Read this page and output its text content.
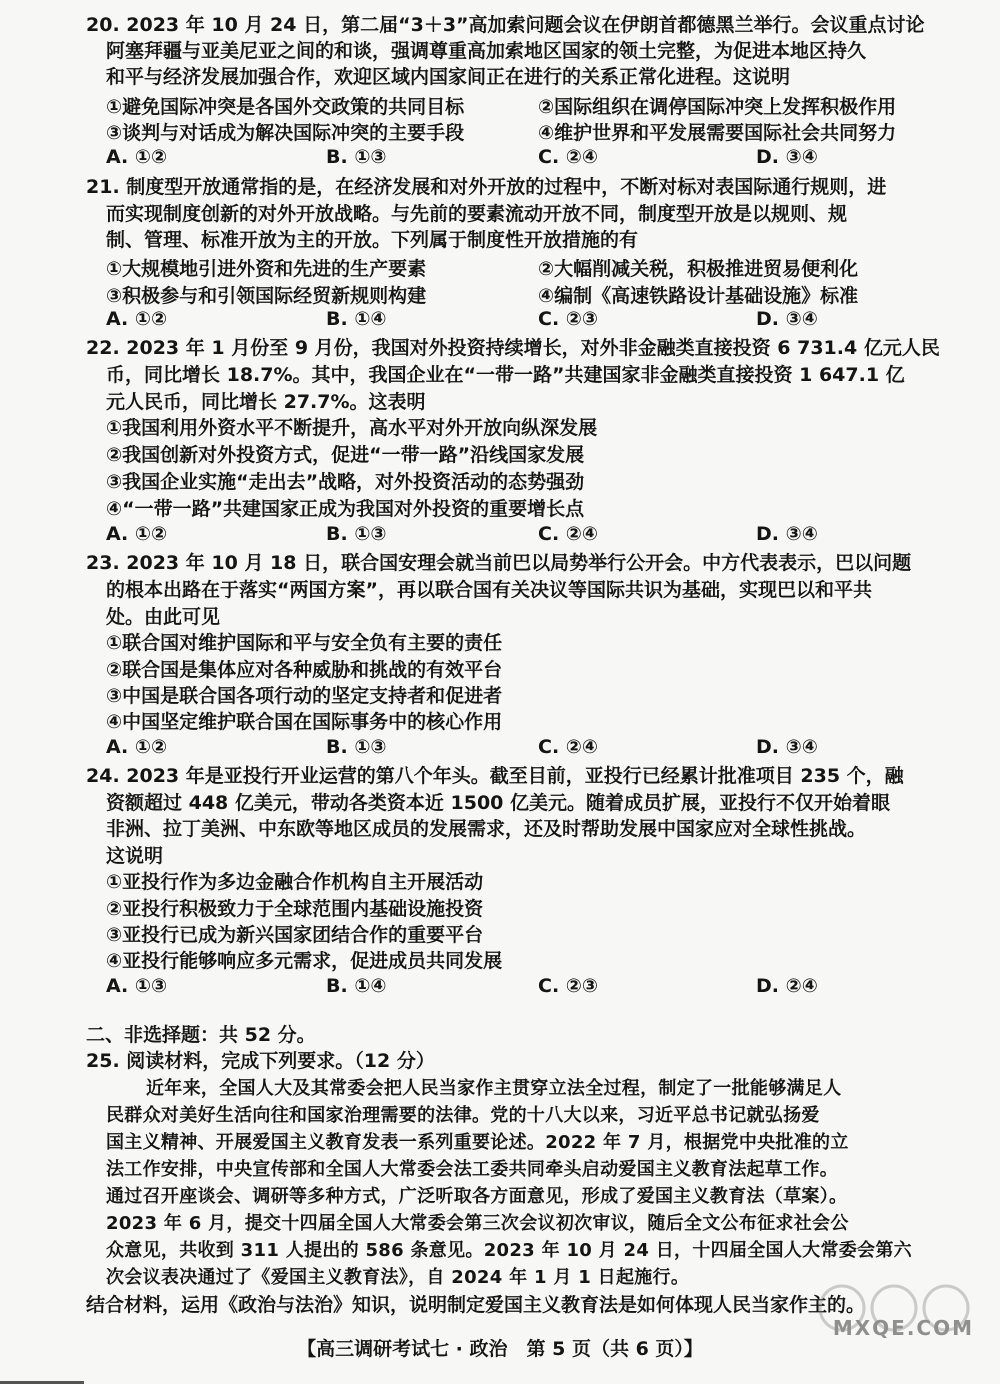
20. 2023 年 10 月 24 日，第二届“3＋3”高加索问题会议在伊朗首都德黑兰举行。会议重点讨论
阿塞拜疆与亚美尼亚之间的和谈，强调尊重高加索地区国家的领土完整，为促进本地区持久
和平与经济发展加强合作，欢迎区域内国家间正在进行的关系正常化进程。这说明
①避免国际冲突是各国外交政策的共同目标	②国际组织在调停国际冲突上发挥积极作用
③谈判与对话成为解决国际冲突的主要手段	④维护世界和平发展需要国际社会共同努力
A. ①②	B. ①③	C. ②④	D. ③④
21. 制度型开放通常指的是，在经济发展和对外开放的过程中，不断对标对表国际通行规则，进
而实现制度创新的对外开放战略。与先前的要素流动开放不同，制度型开放是以规则、规
制、管理、标准开放为主的开放。下列属于制度性开放措施的有
①大规模地引进外资和先进的生产要素	②大幅削减关税，积极推进贸易便利化
③积极参与和引领国际经贸新规则构建	④编制《高速铁路设计基础设施》标准
A. ①②	B. ①④	C. ②③	D. ③④
22. 2023 年 1 月份至 9 月份，我国对外投资持续增长，对外非金融类直接投资 6 731.4 亿元人民
币，同比增长 18.7%。其中，我国企业在“一带一路”共建国家非金融类直接投资 1 647.1 亿
元人民币，同比增长 27.7%。这表明
①我国利用外资水平不断提升，高水平对外开放向纵深发展
②我国创新对外投资方式，促进“一带一路”沿线国家发展
③我国企业实施“走出去”战略，对外投资活动的态势强劲
④“一带一路”共建国家正成为我国对外投资的重要增长点
A. ①②	B. ①③	C. ②④	D. ③④
23. 2023 年 10 月 18 日，联合国安理会就当前巴以局势举行公开会。中方代表表示，巴以问题
的根本出路在于落实“两国方案”，再以联合国有关决议等国际共识为基础，实现巴以和平共
处。由此可见
①联合国对维护国际和平与安全负有主要的责任
②联合国是集体应对各种威胁和挑战的有效平台
③中国是联合国各项行动的坚定支持者和促进者
④中国坚定维护联合国在国际事务中的核心作用
A. ①②	B. ①③	C. ②④	D. ③④
24. 2023 年是亚投行开业运营的第八个年头。截至目前，亚投行已经累计批准项目 235 个，融
资额超过 448 亿美元，带动各类资本近 1500 亿美元。随着成员扩展，亚投行不仅开始着眼
非洲、拉丁美洲、中东欧等地区成员的发展需求，还及时帮助发展中国家应对全球性挑战。
这说明
①亚投行作为多边金融合作机构自主开展活动
②亚投行积极致力于全球范围内基础设施投资
③亚投行已成为新兴国家团结合作的重要平台
④亚投行能够响应多元需求，促进成员共同发展
A. ①③	B. ①④	C. ②③	D. ②④
二、非选择题：共 52 分。
25. 阅读材料，完成下列要求。（12 分）
近年来，全国人大及其常委会把人民当家作主贯穿立法全过程，制定了一批能够满足人
民群众对美好生活向往和国家治理需要的法律。党的十八大以来，习近平总书记就弘扬爱
国主义精神、开展爱国主义教育发表一系列重要论述。2022 年 7 月，根据党中央批准的立
法工作安排，中央宣传部和全国人大常委会法工委共同牵头启动爱国主义教育法起草工作。
通过召开座谈会、调研等多种方式，广泛听取各方面意见，形成了爱国主义教育法（草案）。
2023 年 6 月，提交十四届全国人大常委会第三次会议初次审议，随后全文公布征求社会公
众意见，共收到 311 人提出的 586 条意见。2023 年 10 月 24 日，十四届全国人大常委会第六
次会议表决通过了《爱国主义教育法》，自 2024 年 1 月 1 日起施行。
结合材料，运用《政治与法治》知识，说明制定爱国主义教育法是如何体现人民当家作主的。
【高三调研考试七 · 政治　第 5 页（共 6 页）】
MXQE.COM
